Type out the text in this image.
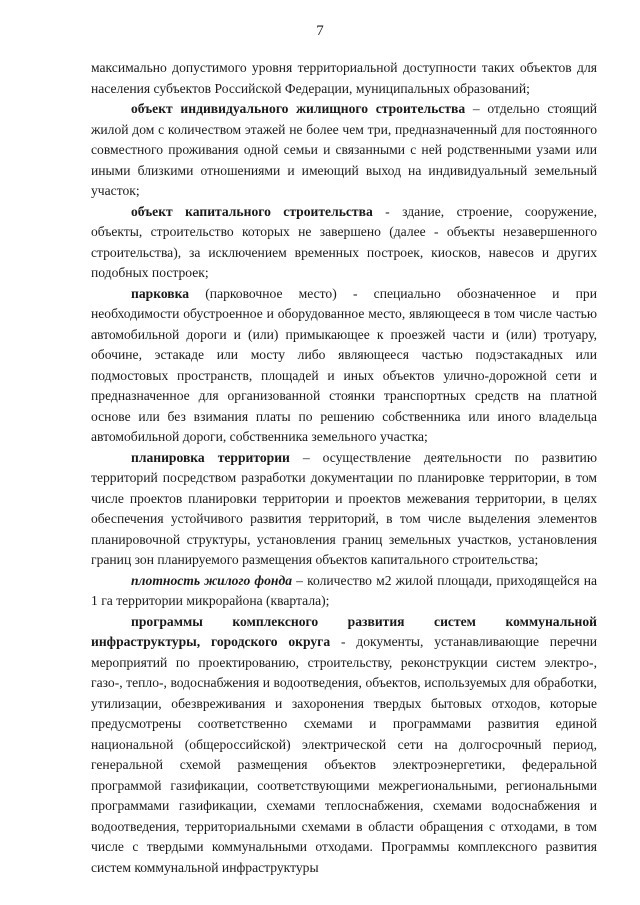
7

максимально допустимого уровня территориальной доступности таких объектов для населения субъектов Российской Федерации, муниципальных образований;

объект индивидуального жилищного строительства – отдельно стоящий жилой дом с количеством этажей не более чем три, предназначенный для постоянного совместного проживания одной семьи и связанными с ней родственными узами или иными близкими отношениями и имеющий выход на индивидуальный земельный участок;

объект капитального строительства - здание, строение, сооружение, объекты, строительство которых не завершено (далее - объекты незавершенного строительства), за исключением временных построек, киосков, навесов и других подобных построек;

парковка (парковочное место) - специально обозначенное и при необходимости обустроенное и оборудованное место, являющееся в том числе частью автомобильной дороги и (или) примыкающее к проезжей части и (или) тротуару, обочине, эстакаде или мосту либо являющееся частью подэстакадных или подмостовых пространств, площадей и иных объектов улично-дорожной сети и предназначенное для организованной стоянки транспортных средств на платной основе или без взимания платы по решению собственника или иного владельца автомобильной дороги, собственника земельного участка;

планировка территории – осуществление деятельности по развитию территорий посредством разработки документации по планировке территории, в том числе проектов планировки территории и проектов межевания территории, в целях обеспечения устойчивого развития территорий, в том числе выделения элементов планировочной структуры, установления границ земельных участков, установления границ зон планируемого размещения объектов капитального строительства;

плотность жилого фонда – количество м2 жилой площади, приходящейся на 1 га территории микрорайона (квартала);

программы комплексного развития систем коммунальной инфраструктуры, городского округа - документы, устанавливающие перечни мероприятий по проектированию, строительству, реконструкции систем электро-, газо-, тепло-, водоснабжения и водоотведения, объектов, используемых для обработки, утилизации, обезвреживания и захоронения твердых бытовых отходов, которые предусмотрены соответственно схемами и программами развития единой национальной (общероссийской) электрической сети на долгосрочный период, генеральной схемой размещения объектов электроэнергетики, федеральной программой газификации, соответствующими межрегиональными, региональными программами газификации, схемами теплоснабжения, схемами водоснабжения и водоотведения, территориальными схемами в области обращения с отходами, в том числе с твердыми коммунальными отходами. Программы комплексного развития систем коммунальной инфраструктуры
